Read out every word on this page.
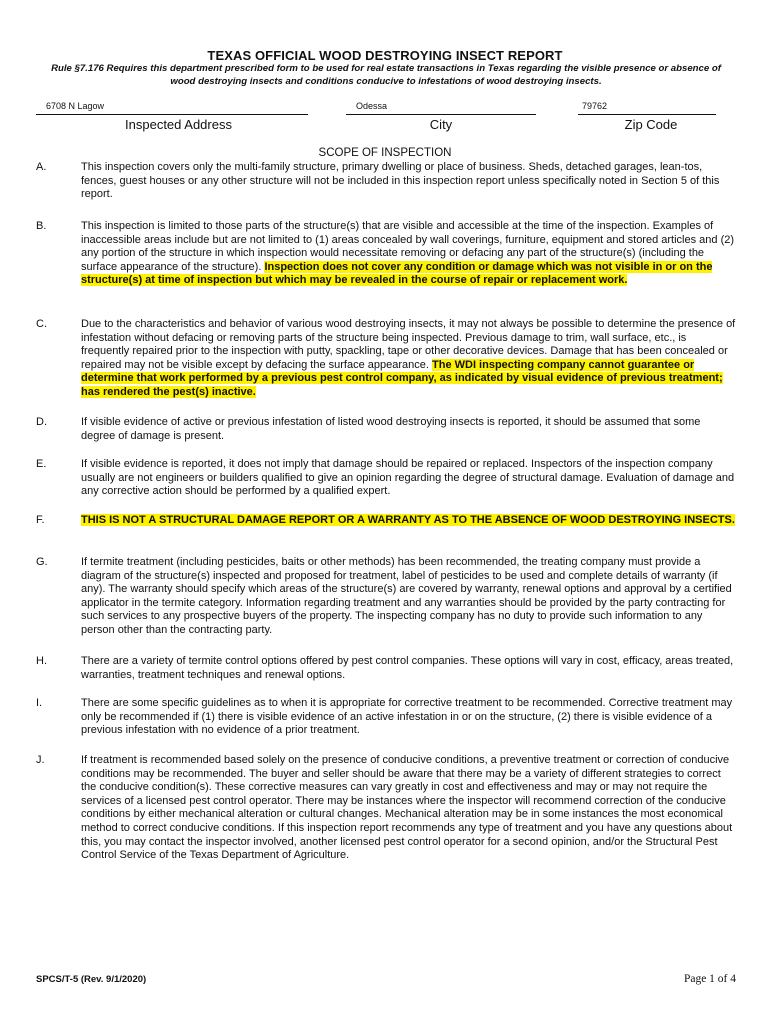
TEXAS OFFICIAL WOOD DESTROYING INSECT REPORT
Rule §7.176 Requires this department prescribed form to be used for real estate transactions in Texas regarding the visible presence or absence of wood destroying insects and conditions conducive to infestations of wood destroying insects.
6708 N Lagow
Inspected Address
Odessa
City
79762
Zip Code
SCOPE OF INSPECTION
A.	This inspection covers only the multi-family structure, primary dwelling or place of business. Sheds, detached garages, lean-tos, fences, guest houses or any other structure will not be included in this inspection report unless specifically noted in Section 5 of this report.
B.	This inspection is limited to those parts of the structure(s) that are visible and accessible at the time of the inspection. Examples of inaccessible areas include but are not limited to (1) areas concealed by wall coverings, furniture, equipment and stored articles and (2) any portion of the structure in which inspection would necessitate removing or defacing any part of the structure(s) (including the surface appearance of the structure). Inspection does not cover any condition or damage which was not visible in or on the structure(s) at time of inspection but which may be revealed in the course of repair or replacement work.
C.	Due to the characteristics and behavior of various wood destroying insects, it may not always be possible to determine the presence of infestation without defacing or removing parts of the structure being inspected. Previous damage to trim, wall surface, etc., is frequently repaired prior to the inspection with putty, spackling, tape or other decorative devices. Damage that has been concealed or repaired may not be visible except by defacing the surface appearance. The WDI inspecting company cannot guarantee or determine that work performed by a previous pest control company, as indicated by visual evidence of previous treatment; has rendered the pest(s) inactive.
D.	If visible evidence of active or previous infestation of listed wood destroying insects is reported, it should be assumed that some degree of damage is present.
E.	If visible evidence is reported, it does not imply that damage should be repaired or replaced. Inspectors of the inspection company usually are not engineers or builders qualified to give an opinion regarding the degree of structural damage. Evaluation of damage and any corrective action should be performed by a qualified expert.
F.	THIS IS NOT A STRUCTURAL DAMAGE REPORT OR A WARRANTY AS TO THE ABSENCE OF WOOD DESTROYING INSECTS.
G.	If termite treatment (including pesticides, baits or other methods) has been recommended, the treating company must provide a diagram of the structure(s) inspected and proposed for treatment, label of pesticides to be used and complete details of warranty (if any). The warranty should specify which areas of the structure(s) are covered by warranty, renewal options and approval by a certified applicator in the termite category. Information regarding treatment and any warranties should be provided by the party contracting for such services to any prospective buyers of the property. The inspecting company has no duty to provide such information to any person other than the contracting party.
H.	There are a variety of termite control options offered by pest control companies. These options will vary in cost, efficacy, areas treated, warranties, treatment techniques and renewal options.
I.	There are some specific guidelines as to when it is appropriate for corrective treatment to be recommended. Corrective treatment may only be recommended if (1) there is visible evidence of an active infestation in or on the structure, (2) there is visible evidence of a previous infestation with no evidence of a prior treatment.
J.	If treatment is recommended based solely on the presence of conducive conditions, a preventive treatment or correction of conducive conditions may be recommended. The buyer and seller should be aware that there may be a variety of different strategies to correct the conducive condition(s). These corrective measures can vary greatly in cost and effectiveness and may or may not require the services of a licensed pest control operator. There may be instances where the inspector will recommend correction of the conducive conditions by either mechanical alteration or cultural changes. Mechanical alteration may be in some instances the most economical method to correct conducive conditions. If this inspection report recommends any type of treatment and you have any questions about this, you may contact the inspector involved, another licensed pest control operator for a second opinion, and/or the Structural Pest Control Service of the Texas Department of Agriculture.
SPCS/T-5 (Rev. 9/1/2020)	Page 1 of 4
